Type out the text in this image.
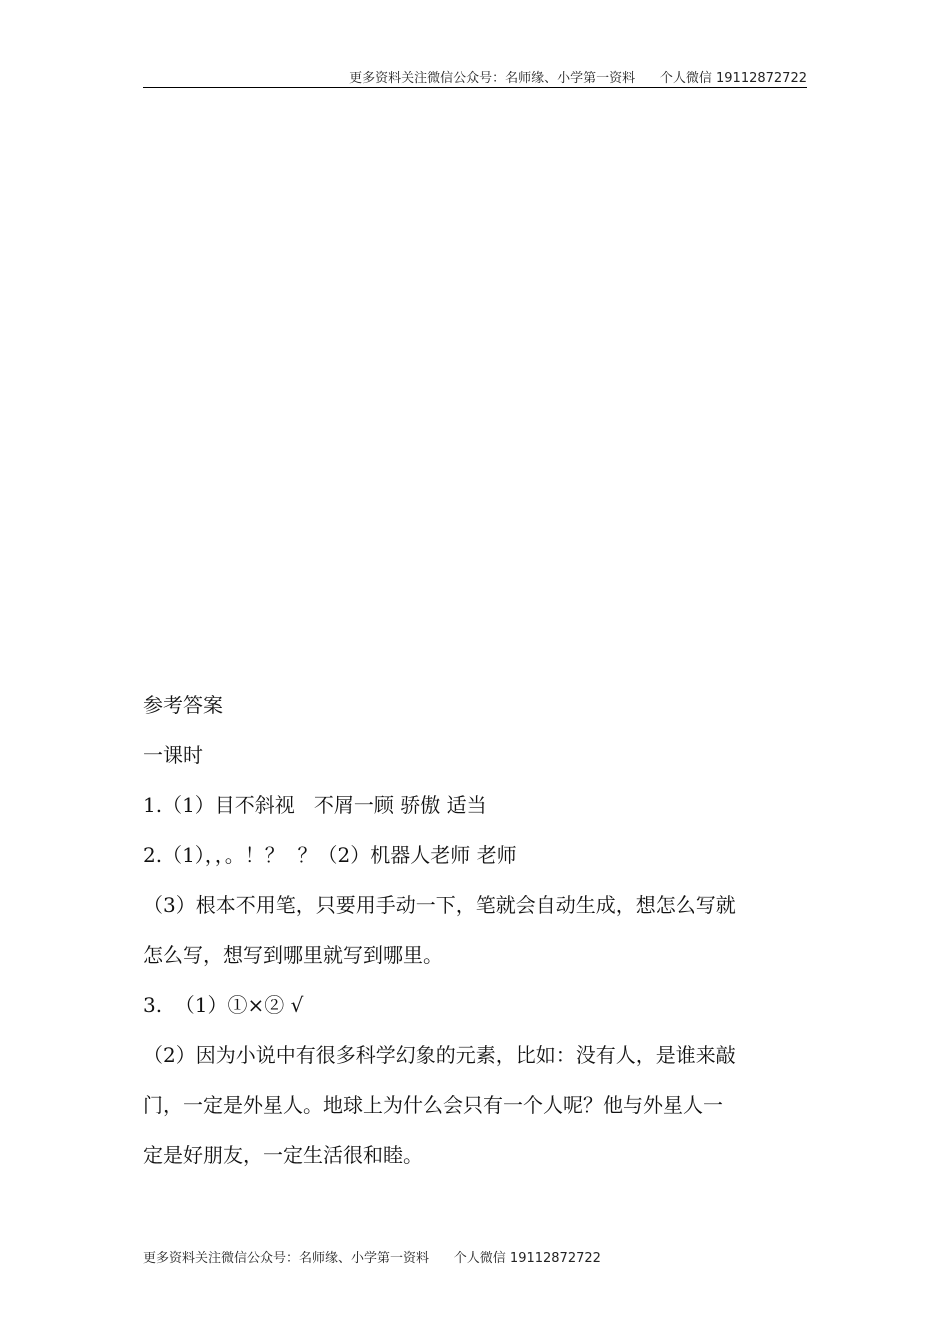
更多资料关注微信公众号：名师缘、小学第一资料      个人微信 19112872722

参考答案

一课时

1.（1）目不斜视   不屑一顾 骄傲 适当

2.（1），，。！？  ？（2）机器人老师 老师

（3）根本不用笔，只要用手动一下，笔就会自动生成，想怎么写就

怎么写，想写到哪里就写到哪里。

3.  （1）①×② √

（2）因为小说中有很多科学幻象的元素，比如：没有人，是谁来敲

门，一定是外星人。地球上为什么会只有一个人呢？他与外星人一

定是好朋友，一定生活很和睦。

更多资料关注微信公众号：名师缘、小学第一资料      个人微信 19112872722
